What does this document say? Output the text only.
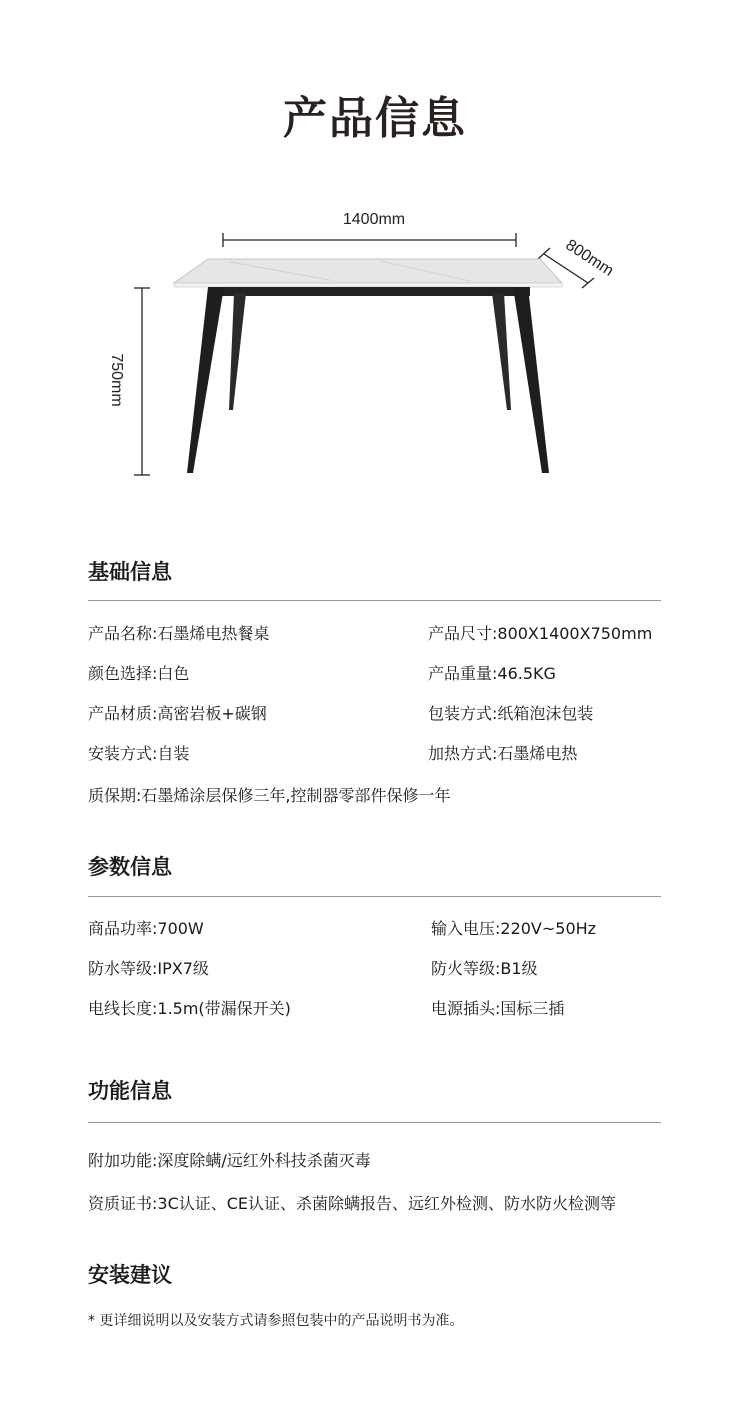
产品信息
1400mm
800mm
750mm
基础信息
产品名称:石墨烯电热餐桌	产品尺寸:800X1400X750mm
颜色选择:白色	产品重量:46.5KG
产品材质:高密岩板+碳钢	包装方式:纸箱泡沫包装
安装方式:自装	加热方式:石墨烯电热
质保期:石墨烯涂层保修三年,控制器零部件保修一年
参数信息
商品功率:700W	输入电压:220V~50Hz
防水等级:IPX7级	防火等级:B1级
电线长度:1.5m(带漏保开关)	电源插头:国标三插
功能信息
附加功能:深度除螨/远红外科技杀菌灭毒
资质证书:3C认证、CE认证、杀菌除螨报告、远红外检测、防水防火检测等
安装建议
* 更详细说明以及安装方式请参照包装中的产品说明书为准。
